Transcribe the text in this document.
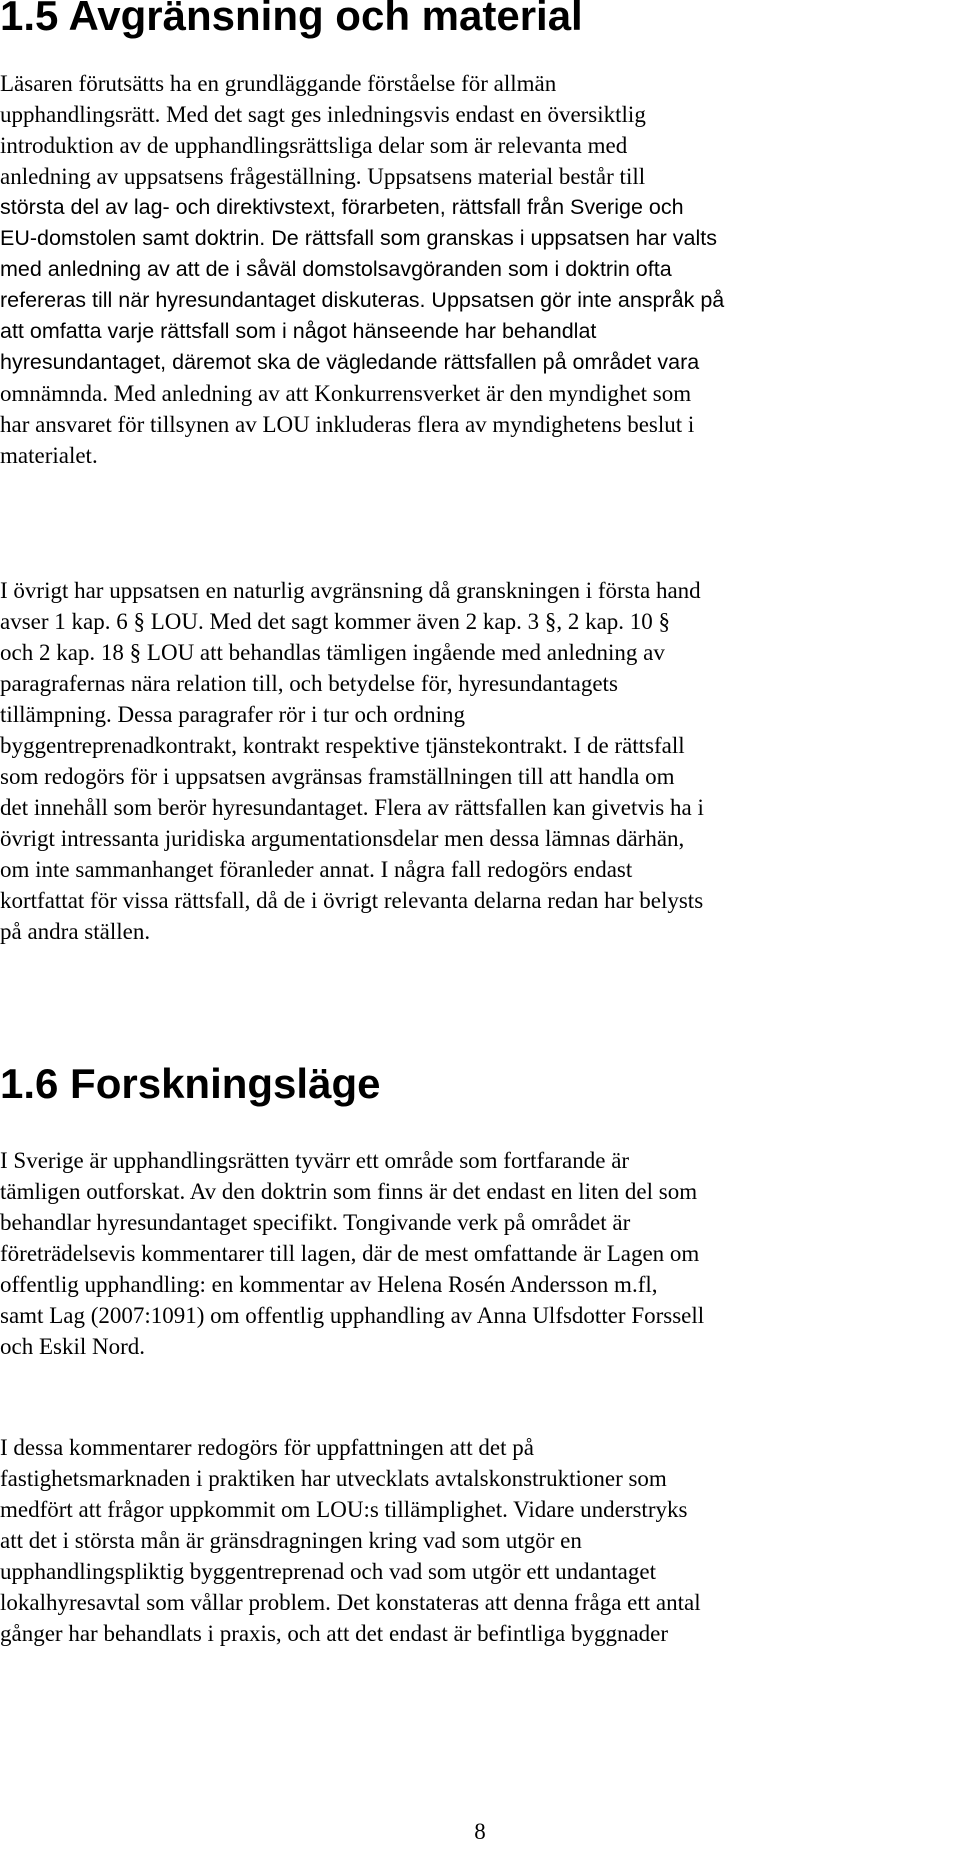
1.5 Avgränsning och material

Läsaren förutsätts ha en grundläggande förståelse för allmän
upphandlingsrätt. Med det sagt ges inledningsvis endast en översiktlig
introduktion av de upphandlingsrättsliga delar som är relevanta med
anledning av uppsatsens frågeställning. Uppsatsens material består till
största del av lag- och direktivstext, förarbeten, rättsfall från Sverige och
EU-domstolen samt doktrin. De rättsfall som granskas i uppsatsen har valts
med anledning av att de i såväl domstolsavgöranden som i doktrin ofta
refereras till när hyresundantaget diskuteras. Uppsatsen gör inte anspråk på
att omfatta varje rättsfall som i något hänseende har behandlat
hyresundantaget, däremot ska de vägledande rättsfallen på området vara
omnämnda. Med anledning av att Konkurrensverket är den myndighet som
har ansvaret för tillsynen av LOU inkluderas flera av myndighetens beslut i
materialet.

I övrigt har uppsatsen en naturlig avgränsning då granskningen i första hand
avser 1 kap. 6 § LOU. Med det sagt kommer även 2 kap. 3 §, 2 kap. 10 §
och 2 kap. 18 § LOU att behandlas tämligen ingående med anledning av
paragrafernas nära relation till, och betydelse för, hyresundantagets
tillämpning. Dessa paragrafer rör i tur och ordning
byggentreprenadkontrakt, kontrakt respektive tjänstekontrakt. I de rättsfall
som redogörs för i uppsatsen avgränsas framställningen till att handla om
det innehåll som berör hyresundantaget. Flera av rättsfallen kan givetvis ha i
övrigt intressanta juridiska argumentationsdelar men dessa lämnas därhän,
om inte sammanhanget föranleder annat. I några fall redogörs endast
kortfattat för vissa rättsfall, då de i övrigt relevanta delarna redan har belysts
på andra ställen.

1.6 Forskningsläge

I Sverige är upphandlingsrätten tyvärr ett område som fortfarande är
tämligen outforskat. Av den doktrin som finns är det endast en liten del som
behandlar hyresundantaget specifikt. Tongivande verk på området är
företrädelsevis kommentarer till lagen, där de mest omfattande är Lagen om
offentlig upphandling: en kommentar av Helena Rosén Andersson m.fl,
samt Lag (2007:1091) om offentlig upphandling av Anna Ulfsdotter Forssell
och Eskil Nord.

I dessa kommentarer redogörs för uppfattningen att det på
fastighetsmarknaden i praktiken har utvecklats avtalskonstruktioner som
medfört att frågor uppkommit om LOU:s tillämplighet. Vidare understryks
att det i största mån är gränsdragningen kring vad som utgör en
upphandlingspliktig byggentreprenad och vad som utgör ett undantaget
lokalhyresavtal som vållar problem. Det konstateras att denna fråga ett antal
gånger har behandlats i praxis, och att det endast är befintliga byggnader

8
